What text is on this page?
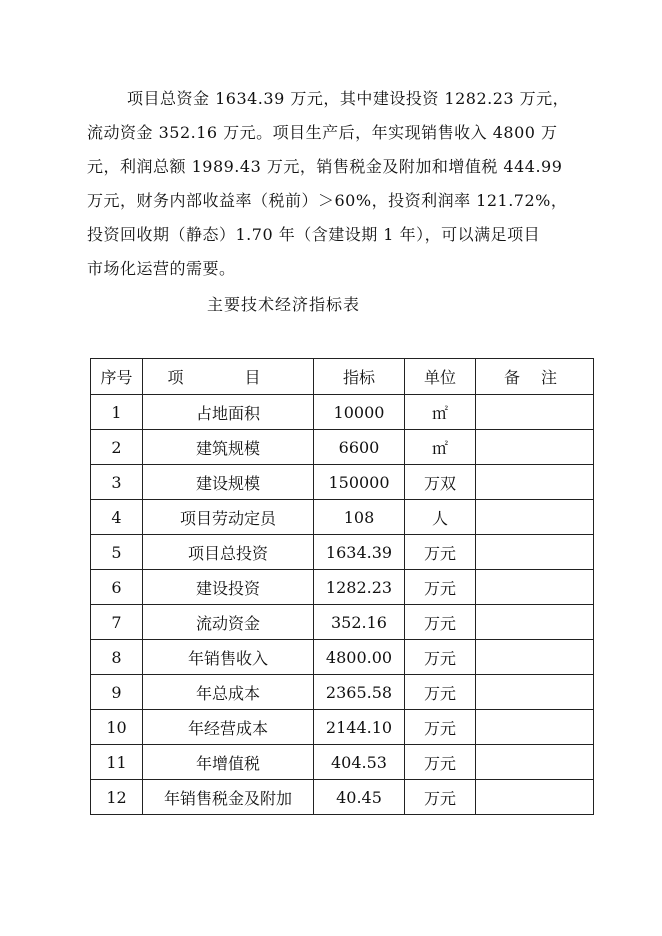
项目总资金 1634.39 万元，其中建设投资 1282.23 万元，
流动资金 352.16 万元。项目生产后，年实现销售收入 4800 万
元，利润总额 1989.43 万元，销售税金及附加和增值税 444.99
万元，财务内部收益率（税前）＞60%，投资利润率 121.72%，
投资回收期（静态）1.70 年（含建设期 1 年），可以满足项目
市场化运营的需要。
主要技术经济指标表
序号	项 目	指标	单位	备 注
1	占地面积	10000	㎡	
2	建筑规模	6600	㎡	
3	建设规模	150000	万双	
4	项目劳动定员	108	人	
5	项目总投资	1634.39	万元	
6	建设投资	1282.23	万元	
7	流动资金	352.16	万元	
8	年销售收入	4800.00	万元	
9	年总成本	2365.58	万元	
10	年经营成本	2144.10	万元	
11	年增值税	404.53	万元	
12	年销售税金及附加	40.45	万元	
